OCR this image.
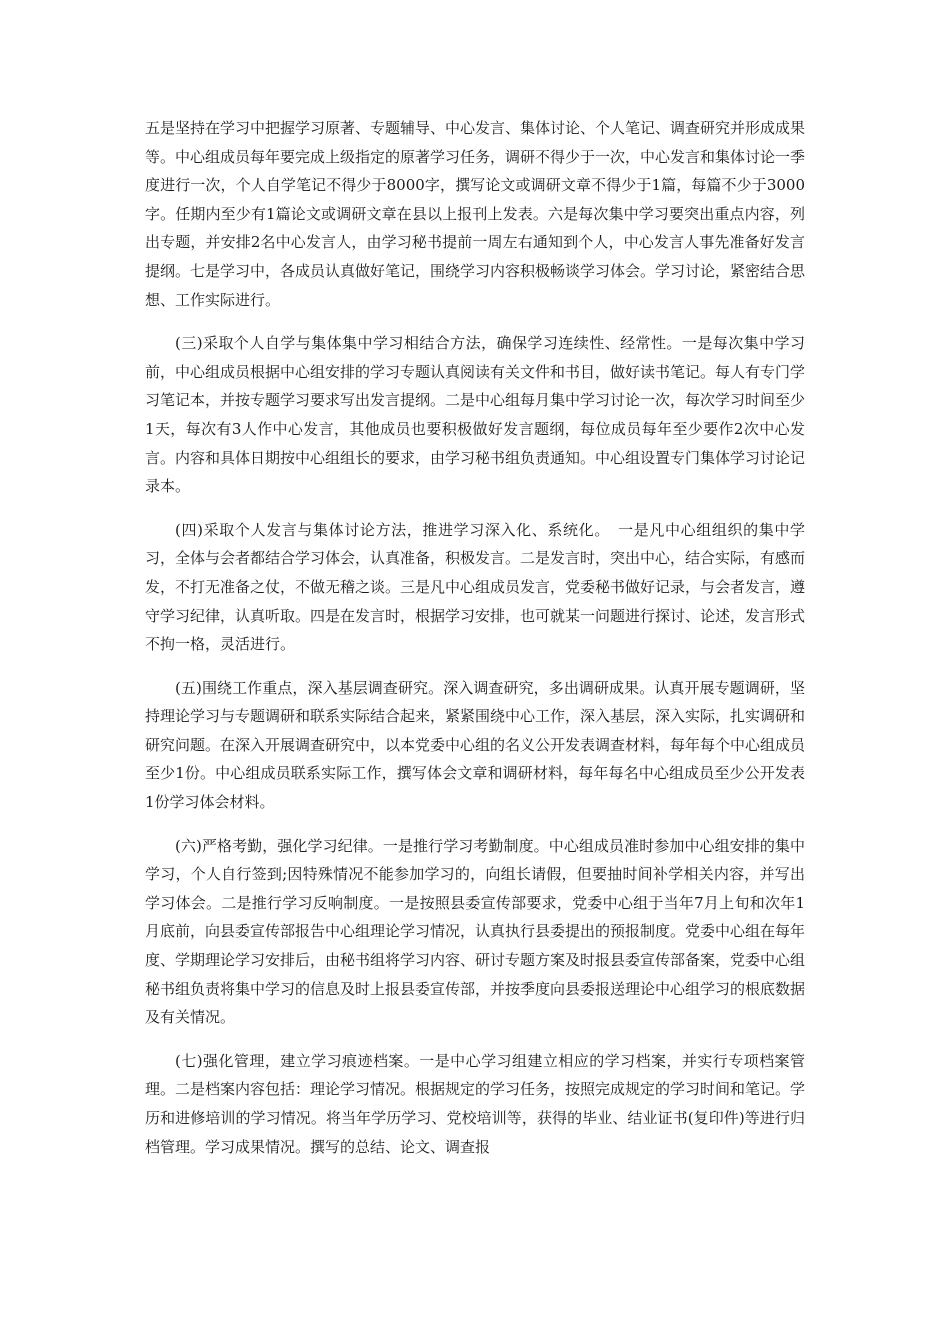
五是坚持在学习中把握学习原著、专题辅导、中心发言、集体讨论、个人笔记、调查研究并形成成果等。中心组成员每年要完成上级指定的原著学习任务，调研不得少于一次，中心发言和集体讨论一季度进行一次，个人自学笔记不得少于8000字，撰写论文或调研文章不得少于1篇，每篇不少于3000字。任期内至少有1篇论文或调研文章在县以上报刊上发表。六是每次集中学习要突出重点内容，列出专题，并安排2名中心发言人，由学习秘书提前一周左右通知到个人，中心发言人事先准备好发言提纲。七是学习中，各成员认真做好笔记，围绕学习内容积极畅谈学习体会。学习讨论，紧密结合思想、工作实际进行。

(三)采取个人自学与集体集中学习相结合方法，确保学习连续性、经常性。一是每次集中学习前，中心组成员根据中心组安排的学习专题认真阅读有关文件和书目，做好读书笔记。每人有专门学习笔记本，并按专题学习要求写出发言提纲。二是中心组每月集中学习讨论一次，每次学习时间至少1天，每次有3人作中心发言，其他成员也要积极做好发言题纲，每位成员每年至少要作2次中心发言。内容和具体日期按中心组组长的要求，由学习秘书组负责通知。中心组设置专门集体学习讨论记录本。

(四)采取个人发言与集体讨论方法，推进学习深入化、系统化。　一是凡中心组组织的集中学习，全体与会者都结合学习体会，认真准备，积极发言。二是发言时，突出中心，结合实际，有感而发，不打无准备之仗，不做无稽之谈。三是凡中心组成员发言，党委秘书做好记录，与会者发言，遵守学习纪律，认真听取。四是在发言时，根据学习安排，也可就某一问题进行探讨、论述，发言形式不拘一格，灵活进行。

(五)围绕工作重点，深入基层调查研究。深入调查研究，多出调研成果。认真开展专题调研，坚持理论学习与专题调研和联系实际结合起来，紧紧围绕中心工作，深入基层，深入实际，扎实调研和研究问题。在深入开展调查研究中，以本党委中心组的名义公开发表调查材料，每年每个中心组成员至少1份。中心组成员联系实际工作，撰写体会文章和调研材料，每年每名中心组成员至少公开发表1份学习体会材料。

(六)严格考勤，强化学习纪律。一是推行学习考勤制度。中心组成员准时参加中心组安排的集中学习，个人自行签到;因特殊情况不能参加学习的，向组长请假，但要抽时间补学相关内容，并写出学习体会。二是推行学习反响制度。一是按照县委宣传部要求，党委中心组于当年7月上旬和次年1月底前，向县委宣传部报告中心组理论学习情况，认真执行县委提出的预报制度。党委中心组在每年度、学期理论学习安排后，由秘书组将学习内容、研讨专题方案及时报县委宣传部备案，党委中心组秘书组负责将集中学习的信息及时上报县委宣传部，并按季度向县委报送理论中心组学习的根底数据及有关情况。

(七)强化管理，建立学习痕迹档案。一是中心学习组建立相应的学习档案，并实行专项档案管理。二是档案内容包括：理论学习情况。根据规定的学习任务，按照完成规定的学习时间和笔记。学历和进修培训的学习情况。将当年学历学习、党校培训等，获得的毕业、结业证书(复印件)等进行归档管理。学习成果情况。撰写的总结、论文、调查报
